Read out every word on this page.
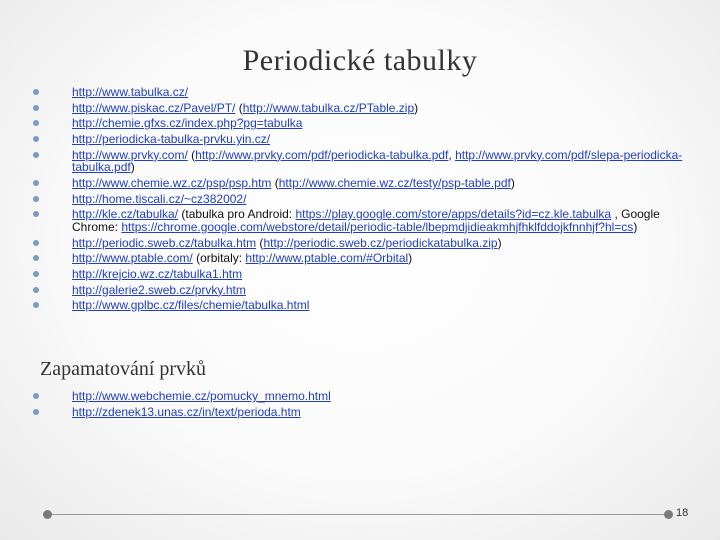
Periodické tabulky
http://www.tabulka.cz/
http://www.piskac.cz/Pavel/PT/ (http://www.tabulka.cz/PTable.zip)
http://chemie.gfxs.cz/index.php?pg=tabulka
http://periodicka-tabulka-prvku.yin.cz/
http://www.prvky.com/ (http://www.prvky.com/pdf/periodicka-tabulka.pdf, http://www.prvky.com/pdf/slepa-periodicka-tabulka.pdf)
http://www.chemie.wz.cz/psp/psp.htm (http://www.chemie.wz.cz/testy/psp-table.pdf)
http://home.tiscali.cz/~cz382002/
http://kle.cz/tabulka/ (tabulka pro Android: https://play.google.com/store/apps/details?id=cz.kle.tabulka , Google Chrome: https://chrome.google.com/webstore/detail/periodic-table/lbepmdjidieakmhjfhklfddojkfnnhjf?hl=cs)
http://periodic.sweb.cz/tabulka.htm (http://periodic.sweb.cz/periodickatabulka.zip)
http://www.ptable.com/ (orbitaly: http://www.ptable.com/#Orbital)
http://krejcio.wz.cz/tabulka1.htm
http://galerie2.sweb.cz/prvky.htm
http://www.gplbc.cz/files/chemie/tabulka.html
Zapamatování prvků
http://www.webchemie.cz/pomucky_mnemo.html
http://zdenek13.unas.cz/in/text/perioda.htm
18
